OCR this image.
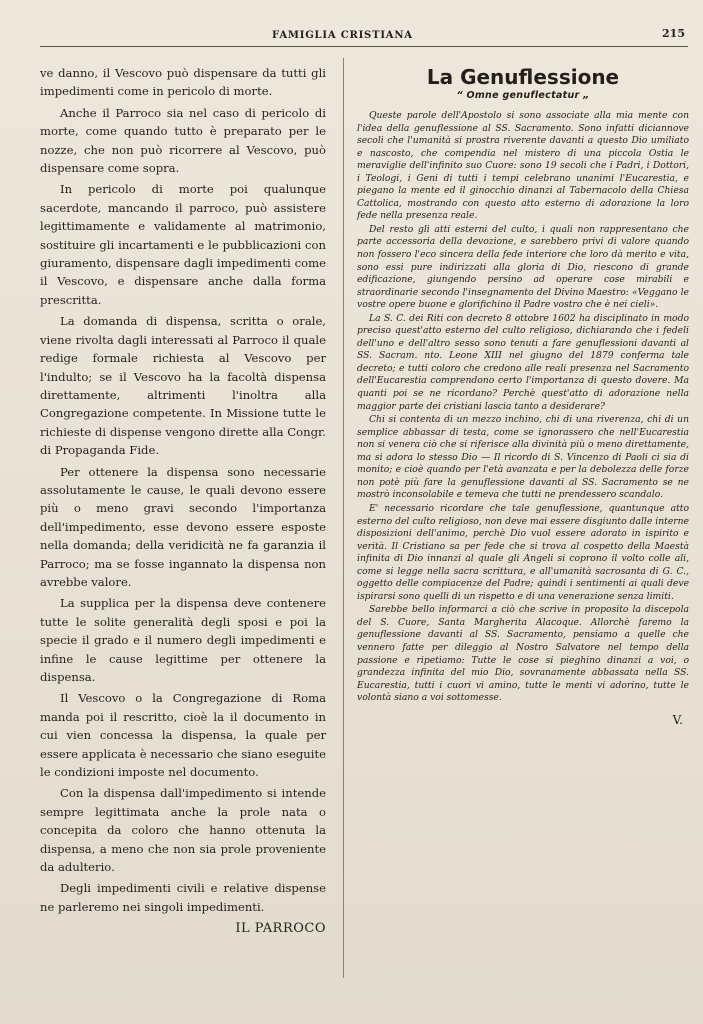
FAMIGLIA CRISTIANA	215

ve danno, il Vescovo può dispensare da tutti gli impedimenti come in pericolo di morte.

Anche il Parroco sia nel caso di pericolo di morte, come quando tutto è preparato per le nozze, che non può ricorrere al Vescovo, può dispensare come sopra.

In pericolo di morte poi qualunque sacerdote, mancando il parroco, può assistere legittimamente e validamente al matrimonio, sostituire gli incartamenti e le pubblicazioni con giuramento, dispensare dagli impedimenti come il Vescovo, e dispensare anche dalla forma prescritta.

La domanda di dispensa, scritta o orale, viene rivolta dagli interessati al Parroco il quale redige formale richiesta al Vescovo per l'indulto; se il Vescovo ha la facoltà dispensa direttamente, altrimenti l'inoltra alla Congregazione competente. In Missione tutte le richieste di dispense vengono dirette alla Congr. di Propaganda Fide.

Per ottenere la dispensa sono necessarie assolutamente le cause, le quali devono essere più o meno gravi secondo l'importanza dell'impedimento, esse devono essere esposte nella domanda; della veridicità ne fa garanzia il Parroco; ma se fosse ingannato la dispensa non avrebbe valore.

La supplica per la dispensa deve contenere tutte le solite generalità degli sposi e poi la specie il grado e il numero degli impedimenti e infine le cause legittime per ottenere la dispensa.

Il Vescovo o la Congregazione di Roma manda poi il rescritto, cioè la il documento in cui vien concessa la dispensa, la quale per essere applicata è necessario che siano eseguite le condizioni imposte nel documento.

Con la dispensa dall'impedimento si intende sempre legittimata anche la prole nata o concepita da coloro che hanno ottenuta la dispensa, a meno che non sia prole proveniente da adulterio.

Degli impedimenti civili e relative dispense ne parleremo nei singoli impedimenti.

IL PARROCO
La Genuflessione
“ Omne genuflectatur „

Queste parole dell'Apostolo si sono associate alla mia mente con l'idea della genuflessione al SS. Sacramento. Sono infatti diciannove secoli che l'umanità si prostra riverente davanti a questo Dio umiliato e nascosto, che compendia nel mistero di una piccola Ostia le meraviglie dell'infinito suo Cuore: sono 19 secoli che i Padri, i Dottori, i Teologi, i Geni di tutti i tempi celebrano unanimi l'Eucarestia, e piegano la mente ed il ginocchio dinanzi al Tabernacolo della Chiesa Cattolica, mostrando con questo atto esterno di adorazione la loro fede nella presenza reale.

Del resto gli atti esterni del culto, i quali non rappresentano che parte accessoria della devozione, e sarebbero privi di valore quando non fossero l'eco sincera della fede interiore che loro dà merito e vita, sono essi pure indirizzati alla gloria di Dio, riescono di grande edificazione, giungendo persino ad operare cose mirabili e straordinarie secondo l'insegnamento del Divino Maestro: «Veggano le vostre opere buone e glorifichino il Padre vostro che è nei cieli».

La S. C. dei Riti con decreto 8 ottobre 1602 ha disciplinato in modo preciso quest'atto esterno del culto religioso, dichiarando che i fedeli dell'uno e dell'altro sesso sono tenuti a fare genuflessioni davanti al SS. Sacram. nto. Leone XIII nel giugno del 1879 conferma tale decreto; e tutti coloro che credono alle reali presenza nel Sacramento dell'Eucarestia comprendono certo l'importanza di questo dovere. Ma quanti poi se ne ricordano? Perchè quest'atto di adorazione nella maggior parte dei cristiani lascia tanto a desiderare?

Chi si contenta di un mezzo inchino, chi di una riverenza, chi di un semplice abbassar di testa, come se ignorassero che nell'Eucarestia non si venera ciò che si riferisce alla divinità più o meno direttamente, ma si adora lo stesso Dio — Il ricordo di S. Vincenzo di Paoli ci sia di monito; e cioè quando per l'età avanzata e per la debolezza delle forze non potè più fare la genuflessione davanti al SS. Sacramento se ne mostrò inconsolabile e temeva che tutti ne prendessero scandalo.

E' necessario ricordare che tale genuflessione, quantunque atto esterno del culto religioso, non deve mai essere disgiunto dalle interne disposizioni dell'animo, perchè Dio vuol essere adorato in ispirito e verità. Il Cristiano sa per fede che si trova al cospetto della Maestà infinita di Dio innanzi al quale gli Angeli si coprono il volto colle ali, come si legge nella sacra scrittura, e all'umanità sacrosanta di G. C., oggetto delle compiacenze del Padre; quindi i sentimenti ai quali deve ispirarsi sono quelli di un rispetto e di una venerazione senza limiti.

Sarebbe bello informarci a ciò che scrive in proposito la discepola del S. Cuore, Santa Margherita Alacoque. Allorchè faremo la genuflessione davanti al SS. Sacramento, pensiamo a quelle che vennero fatte per dileggio al Nostro Salvatore nel tempo della passione e ripetiamo: Tutte le cose si pieghino dinanzi a voi, o grandezza infinita del mio Dio, sovranamente abbassata nella SS. Eucarestia, tutti i cuori vi amino, tutte le menti vi adorino, tutte le volontà siano a voi sottomesse.

V.
